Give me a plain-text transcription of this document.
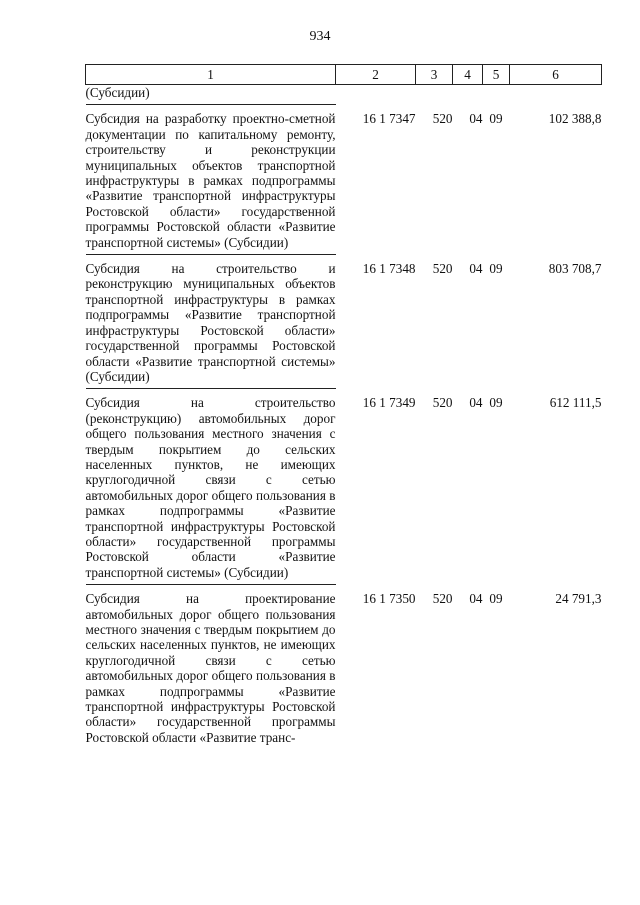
934
1	2	3	4	5	6
(Субсидии)					
Субсидия на разработку проектно-сметной документации по капитальному ремонту, строительству и реконструкции муниципальных объектов транспортной инфраструктуры в рамках подпрограммы «Развитие транспортной инфраструктуры Ростовской области» государственной программы Ростовской области «Развитие транспортной системы» (Субсидии)	16 1 7347	520	04	09	102 388,8
Субсидия на строительство и реконструкцию муниципальных объектов транспортной инфраструктуры в рамках подпрограммы «Развитие транспортной инфраструктуры Ростовской области» государственной программы Ростовской области «Развитие транспортной системы» (Субсидии)	16 1 7348	520	04	09	803 708,7
Субсидия на строительство (реконструкцию) автомобильных дорог общего пользования местного значения с твердым покрытием до сельских населенных пунктов, не имеющих круглогодичной связи с сетью автомобильных дорог общего пользования в рамках подпрограммы «Развитие транспортной инфраструктуры Ростовской области» государственной программы Ростовской области «Развитие транспортной системы» (Субсидии)	16 1 7349	520	04	09	612 111,5
Субсидия на проектирование автомобильных дорог общего пользования местного значения с твердым покрытием до сельских населенных пунктов, не имеющих круглогодичной связи с сетью автомобильных дорог общего пользования в рамках подпрограммы «Развитие транспортной инфраструктуры Ростовской области» государственной программы Ростовской области «Развитие транс-	16 1 7350	520	04	09	24 791,3
